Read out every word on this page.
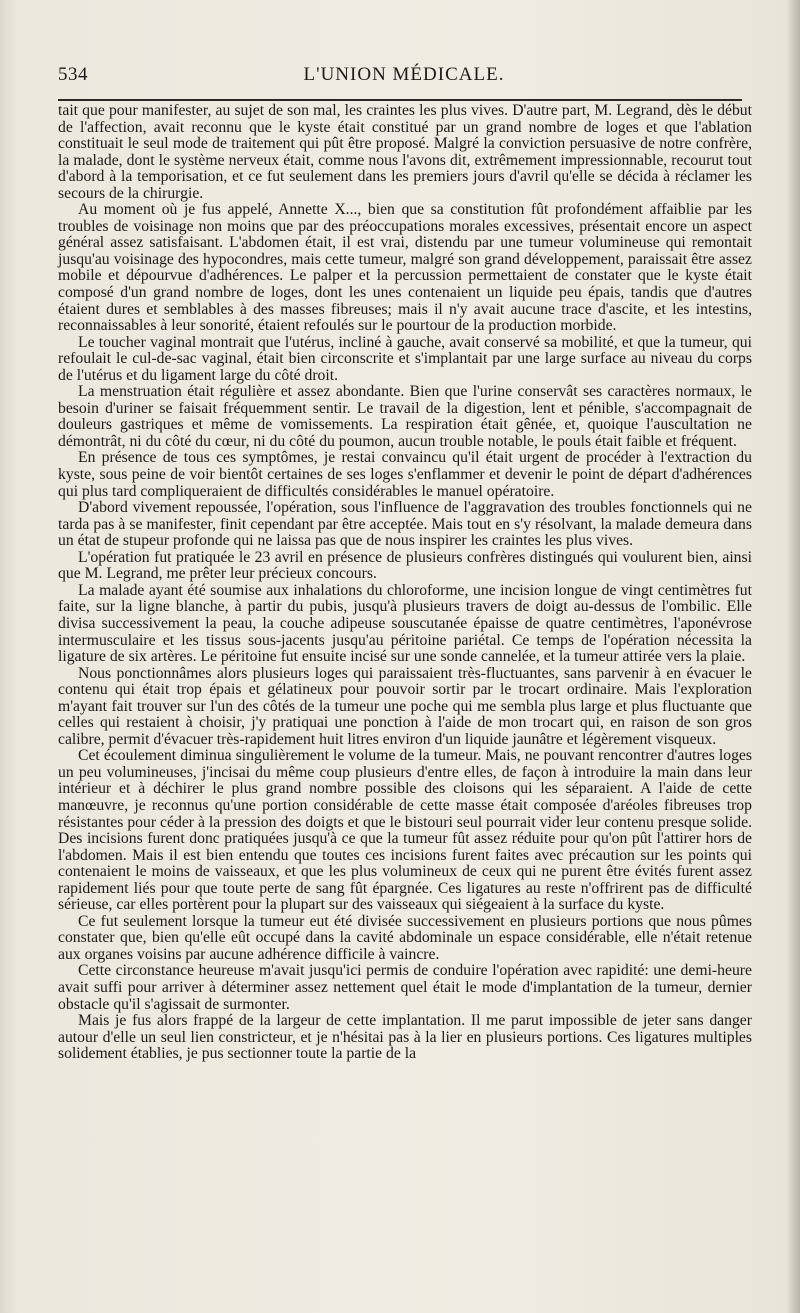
534	L'UNION MÉDICALE.

tait que pour manifester, au sujet de son mal, les craintes les plus vives. D'autre part, M. Legrand, dès le début de l'affection, avait reconnu que le kyste était constitué par un grand nombre de loges et que l'ablation constituait le seul mode de traitement qui pût être proposé. Malgré la conviction persuasive de notre confrère, la malade, dont le système nerveux était, comme nous l'avons dit, extrêmement impressionnable, recourut tout d'abord à la temporisation, et ce fut seulement dans les premiers jours d'avril qu'elle se décida à réclamer les secours de la chirurgie.

Au moment où je fus appelé, Annette X..., bien que sa constitution fût profondément affaiblie par les troubles de voisinage non moins que par des préoccupations morales excessives, présentait encore un aspect général assez satisfaisant. L'abdomen était, il est vrai, distendu par une tumeur volumineuse qui remontait jusqu'au voisinage des hypocondres, mais cette tumeur, malgré son grand développement, paraissait être assez mobile et dépourvue d'adhérences. Le palper et la percussion permettaient de constater que le kyste était composé d'un grand nombre de loges, dont les unes contenaient un liquide peu épais, tandis que d'autres étaient dures et semblables à des masses fibreuses; mais il n'y avait aucune trace d'ascite, et les intestins, reconnaissables à leur sonorité, étaient refoulés sur le pourtour de la production morbide.

Le toucher vaginal montrait que l'utérus, incliné à gauche, avait conservé sa mobilité, et que la tumeur, qui refoulait le cul-de-sac vaginal, était bien circonscrite et s'implantait par une large surface au niveau du corps de l'utérus et du ligament large du côté droit.

La menstruation était régulière et assez abondante. Bien que l'urine conservât ses caractères normaux, le besoin d'uriner se faisait fréquemment sentir. Le travail de la digestion, lent et pénible, s'accompagnait de douleurs gastriques et même de vomissements. La respiration était gênée, et, quoique l'auscultation ne démontrât, ni du côté du cœur, ni du côté du poumon, aucun trouble notable, le pouls était faible et fréquent.

En présence de tous ces symptômes, je restai convaincu qu'il était urgent de procéder à l'extraction du kyste, sous peine de voir bientôt certaines de ses loges s'enflammer et devenir le point de départ d'adhérences qui plus tard compliqueraient de difficultés considérables le manuel opératoire.

D'abord vivement repoussée, l'opération, sous l'influence de l'aggravation des troubles fonctionnels qui ne tarda pas à se manifester, finit cependant par être acceptée. Mais tout en s'y résolvant, la malade demeura dans un état de stupeur profonde qui ne laissa pas que de nous inspirer les craintes les plus vives.

L'opération fut pratiquée le 23 avril en présence de plusieurs confrères distingués qui voulurent bien, ainsi que M. Legrand, me prêter leur précieux concours.

La malade ayant été soumise aux inhalations du chloroforme, une incision longue de vingt centimètres fut faite, sur la ligne blanche, à partir du pubis, jusqu'à plusieurs travers de doigt au-dessus de l'ombilic. Elle divisa successivement la peau, la couche adipeuse souscutanée épaisse de quatre centimètres, l'aponévrose intermusculaire et les tissus sous-jacents jusqu'au péritoine pariétal. Ce temps de l'opération nécessita la ligature de six artères. Le péritoine fut ensuite incisé sur une sonde cannelée, et la tumeur attirée vers la plaie.

Nous ponctionnâmes alors plusieurs loges qui paraissaient très-fluctuantes, sans parvenir à en évacuer le contenu qui était trop épais et gélatineux pour pouvoir sortir par le trocart ordinaire. Mais l'exploration m'ayant fait trouver sur l'un des côtés de la tumeur une poche qui me sembla plus large et plus fluctuante que celles qui restaient à choisir, j'y pratiquai une ponction à l'aide de mon trocart qui, en raison de son gros calibre, permit d'évacuer très-rapidement huit litres environ d'un liquide jaunâtre et légèrement visqueux.

Cet écoulement diminua singulièrement le volume de la tumeur. Mais, ne pouvant rencontrer d'autres loges un peu volumineuses, j'incisai du même coup plusieurs d'entre elles, de façon à introduire la main dans leur intérieur et à déchirer le plus grand nombre possible des cloisons qui les séparaient. A l'aide de cette manœuvre, je reconnus qu'une portion considérable de cette masse était composée d'aréoles fibreuses trop résistantes pour céder à la pression des doigts et que le bistouri seul pourrait vider leur contenu presque solide. Des incisions furent donc pratiquées jusqu'à ce que la tumeur fût assez réduite pour qu'on pût l'attirer hors de l'abdomen. Mais il est bien entendu que toutes ces incisions furent faites avec précaution sur les points qui contenaient le moins de vaisseaux, et que les plus volumineux de ceux qui ne purent être évités furent assez rapidement liés pour que toute perte de sang fût épargnée. Ces ligatures au reste n'offrirent pas de difficulté sérieuse, car elles portèrent pour la plupart sur des vaisseaux qui siégeaient à la surface du kyste.

Ce fut seulement lorsque la tumeur eut été divisée successivement en plusieurs portions que nous pûmes constater que, bien qu'elle eût occupé dans la cavité abdominale un espace considérable, elle n'était retenue aux organes voisins par aucune adhérence difficile à vaincre.

Cette circonstance heureuse m'avait jusqu'ici permis de conduire l'opération avec rapidité: une demi-heure avait suffi pour arriver à déterminer assez nettement quel était le mode d'implantation de la tumeur, dernier obstacle qu'il s'agissait de surmonter.

Mais je fus alors frappé de la largeur de cette implantation. Il me parut impossible de jeter sans danger autour d'elle un seul lien constricteur, et je n'hésitai pas à la lier en plusieurs portions. Ces ligatures multiples solidement établies, je pus sectionner toute la partie de la
